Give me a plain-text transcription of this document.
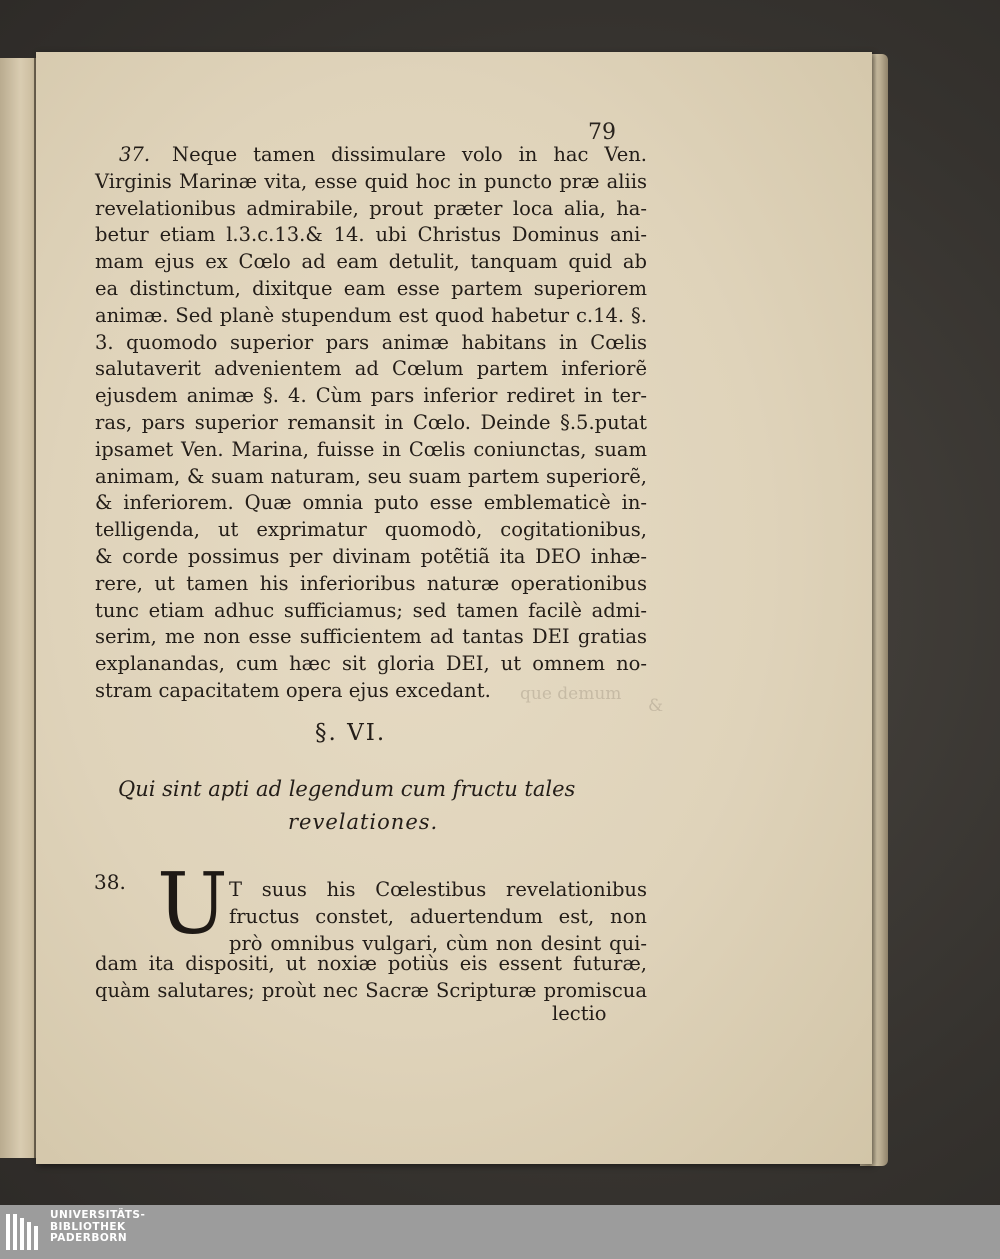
que demum
&
79
37. Neque tamen dissimulare volo in hac Ven.
Virginis Marinæ vita, esse quid hoc in puncto præ aliis
revelationibus admirabile, prout præter loca alia, ha-
betur etiam l.3.c.13.& 14. ubi Christus Dominus ani-
mam ejus ex Cœlo ad eam detulit, tanquam quid ab
ea distinctum, dixitque eam esse partem superiorem
animæ. Sed planè stupendum est quod habetur c.14. §.
3. quomodo superior pars animæ habitans in Cœlis
salutaverit advenientem ad Cœlum partem inferiorẽ
ejusdem animæ §. 4. Cùm pars inferior rediret in ter-
ras, pars superior remansit in Cœlo. Deinde §.5.putat
ipsamet Ven. Marina, fuisse in Cœlis coniunctas, suam
animam, & suam naturam, seu suam partem superiorẽ,
& inferiorem. Quæ omnia puto esse emblematicè in-
telligenda, ut exprimatur quomodò, cogitationibus,
& corde possimus per divinam potẽtiã ita DEO inhæ-
rere, ut tamen his inferioribus naturæ operationibus
tunc etiam adhuc sufficiamus; sed tamen facilè admi-
serim, me non esse sufficientem ad tantas DEI gratias
explanandas, cum hæc sit gloria DEI, ut omnem no-
stram capacitatem opera ejus excedant.
§. VI.
Qui sint apti ad legendum cum fructu tales
revelationes.
38. U T suus his Cœlestibus revelationibus
fructus constet, aduertendum est, non
prò omnibus vulgari, cùm non desint qui-
dam ita dispositi, ut noxiæ potiùs eis essent futuræ,
quàm salutares; proùt nec Sacræ Scripturæ promiscua
lectio
UNIVERSITÄTS-
BIBLIOTHEK
PADERBORN
